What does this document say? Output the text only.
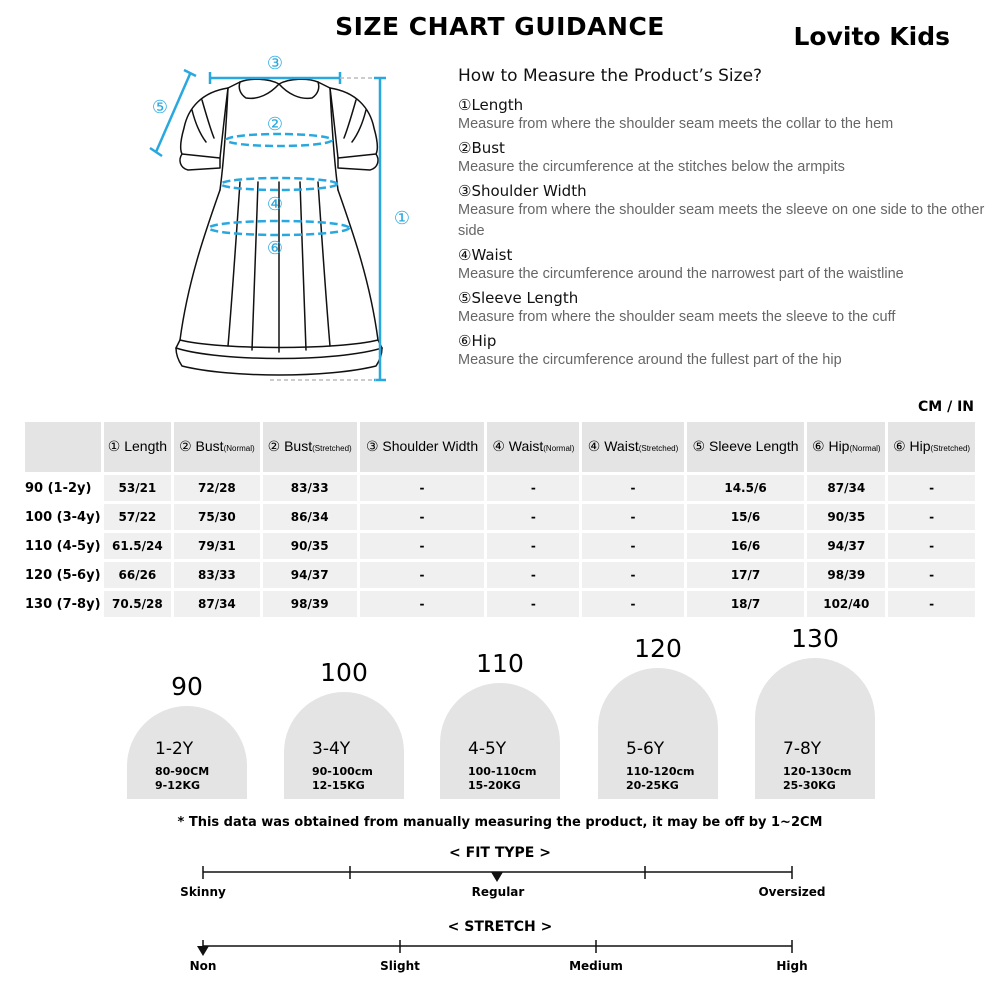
SIZE CHART GUIDANCE	Lovito Kids
③
⑤
①
②
④
⑥
How to Measure the Product’s Size?
①Length
Measure from where the shoulder seam meets the collar to the hem
②Bust
Measure the circumference at the stitches below the armpits
③Shoulder Width
Measure from where the shoulder seam meets the sleeve on one side to the other side
④Waist
Measure the circumference around the narrowest part of the waistline
⑤Sleeve Length
Measure from where the shoulder seam meets the sleeve to the cuff
⑥Hip
Measure the circumference around the fullest part of the hip
CM / IN
	① Length	② Bust(Normal)	② Bust(Stretched)	③ Shoulder Width	④ Waist(Normal)	④ Waist(Stretched)	⑤ Sleeve Length	⑥ Hip(Normal)	⑥ Hip(Stretched)
90 (1-2y)	53/21	72/28	83/33	-	-	-	14.5/6	87/34	-
100 (3-4y)	57/22	75/30	86/34	-	-	-	15/6	90/35	-
110 (4-5y)	61.5/24	79/31	90/35	-	-	-	16/6	94/37	-
120 (5-6y)	66/26	83/33	94/37	-	-	-	17/7	98/39	-
130 (7-8y)	70.5/28	87/34	98/39	-	-	-	18/7	102/40	-
90
1-2Y
80-90CM
9-12KG
100
3-4Y
90-100cm
12-15KG
110
4-5Y
100-110cm
15-20KG
120
5-6Y
110-120cm
20-25KG
130
7-8Y
120-130cm
25-30KG
* This data was obtained from manually measuring the product, it may be off by 1~2CM
< FIT TYPE >
Skinny	Regular	Oversized
< STRETCH >
Non	Slight	Medium	High
